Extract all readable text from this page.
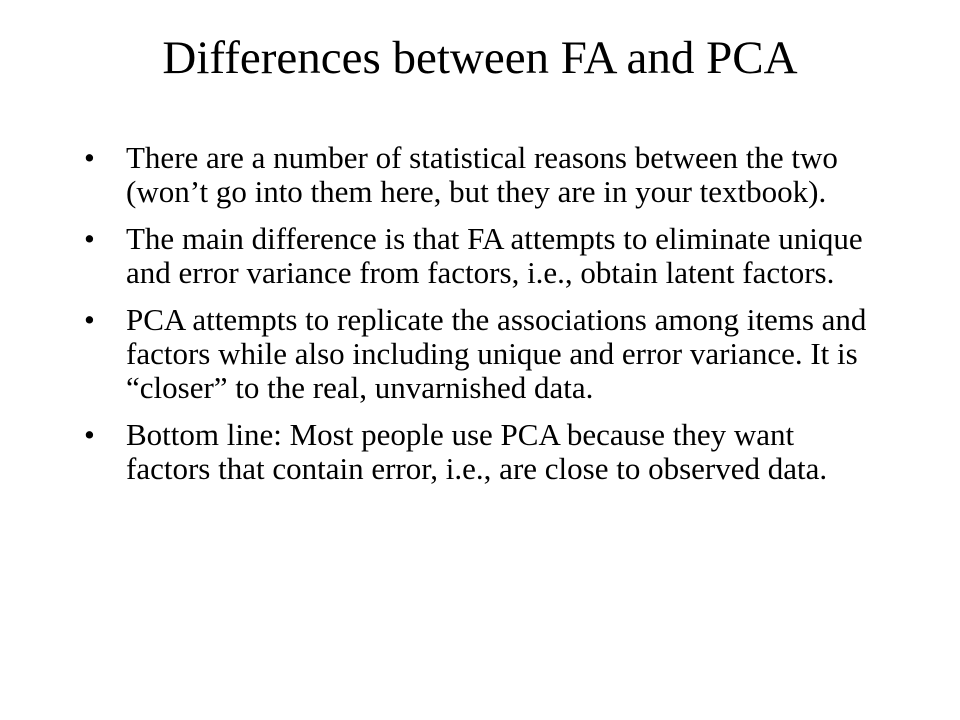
Differences between FA and PCA
•	There are a number of statistical reasons between the two (won’t go into them here, but they are in your textbook).
•	The main difference is that FA attempts to eliminate unique and error variance from factors, i.e., obtain latent factors.
•	PCA attempts to replicate the associations among items and factors while also including unique and error variance. It is “closer” to the real, unvarnished data.
•	Bottom line: Most people use PCA because they want factors that contain error, i.e., are close to observed data.
